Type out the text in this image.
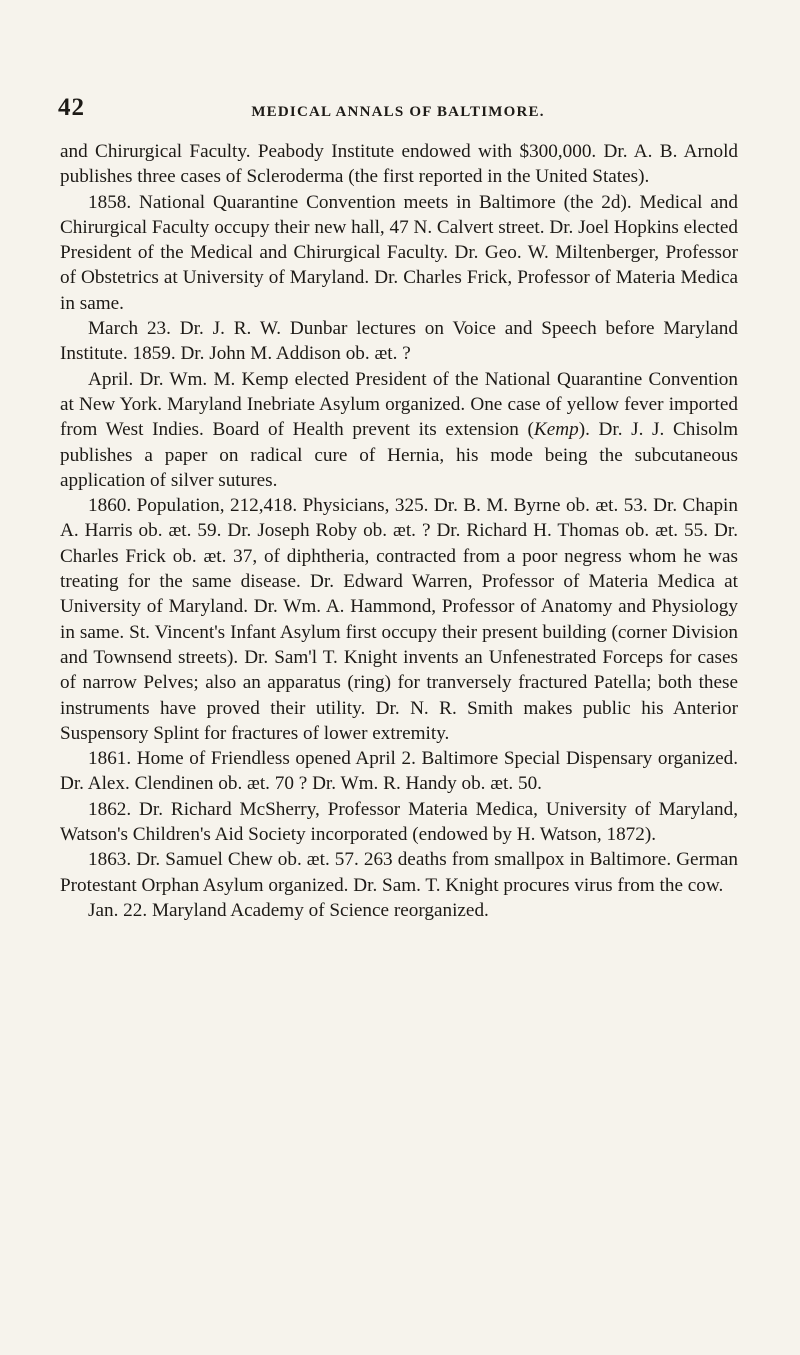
42	MEDICAL ANNALS OF BALTIMORE.

and Chirurgical Faculty. Peabody Institute endowed with $300,000. Dr. A. B. Arnold publishes three cases of Scleroderma (the first reported in the United States).

1858. National Quarantine Convention meets in Baltimore (the 2d). Medical and Chirurgical Faculty occupy their new hall, 47 N. Calvert street. Dr. Joel Hopkins elected President of the Medical and Chirurgical Faculty. Dr. Geo. W. Miltenberger, Professor of Obstetrics at University of Maryland. Dr. Charles Frick, Professor of Materia Medica in same.

March 23. Dr. J. R. W. Dunbar lectures on Voice and Speech before Maryland Institute. 1859. Dr. John M. Addison ob. æt. ?

April. Dr. Wm. M. Kemp elected President of the National Quarantine Convention at New York. Maryland Inebriate Asylum organized. One case of yellow fever imported from West Indies. Board of Health prevent its extension (Kemp). Dr. J. J. Chisolm publishes a paper on radical cure of Hernia, his mode being the subcutaneous application of silver sutures.

1860. Population, 212,418. Physicians, 325. Dr. B. M. Byrne ob. æt. 53. Dr. Chapin A. Harris ob. æt. 59. Dr. Joseph Roby ob. æt. ? Dr. Richard H. Thomas ob. æt. 55. Dr. Charles Frick ob. æt. 37, of diphtheria, contracted from a poor negress whom he was treating for the same disease. Dr. Edward Warren, Professor of Materia Medica at University of Maryland. Dr. Wm. A. Hammond, Professor of Anatomy and Physiology in same. St. Vincent's Infant Asylum first occupy their present building (corner Division and Townsend streets). Dr. Sam'l T. Knight invents an Unfenestrated Forceps for cases of narrow Pelves; also an apparatus (ring) for tranversely fractured Patella; both these instruments have proved their utility. Dr. N. R. Smith makes public his Anterior Suspensory Splint for fractures of lower extremity.

1861. Home of Friendless opened April 2. Baltimore Special Dispensary organized. Dr. Alex. Clendinen ob. æt. 70 ? Dr. Wm. R. Handy ob. æt. 50.

1862. Dr. Richard McSherry, Professor Materia Medica, University of Maryland, Watson's Children's Aid Society incorporated (endowed by H. Watson, 1872).

1863. Dr. Samuel Chew ob. æt. 57. 263 deaths from smallpox in Baltimore. German Protestant Orphan Asylum organized. Dr. Sam. T. Knight procures virus from the cow.

Jan. 22. Maryland Academy of Science reorganized.
